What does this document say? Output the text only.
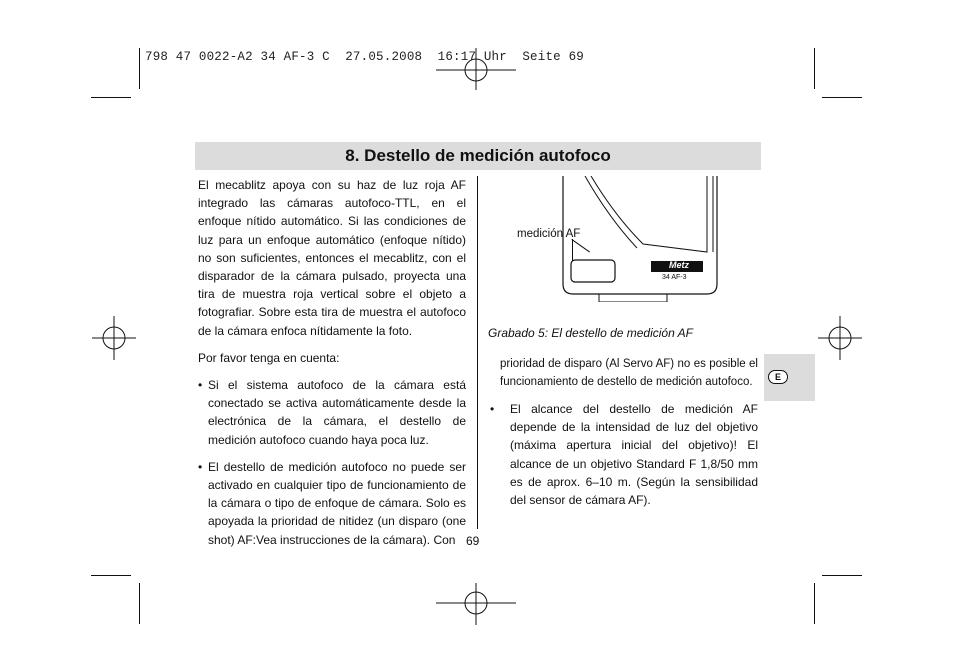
798 47 0022-A2 34 AF-3 C  27.05.2008  16:17 Uhr  Seite 69
8. Destello de medición autofoco

El mecablitz apoya con su haz de luz roja AF integrado las cámaras autofoco-TTL, en el enfoque nítido automático. Si las condiciones de luz para un enfoque automático (enfoque nítido) no son suficientes, entonces el mecablitz, con el disparador de la cámara pulsado, proyecta una tira de muestra roja vertical sobre el objeto a fotografiar. Sobre esta tira de muestra el autofoco de la cámara enfoca nítidamente la foto.

Por favor tenga en cuenta:

• Si el sistema autofoco de la cámara está conectado se activa automáticamente desde la electrónica de la cámara, el destello de medición autofoco cuando haya poca luz.

• El destello de medición autofoco no puede ser activado en cualquier tipo de funcionamiento de la cámara o tipo de enfoque de cámara. Solo es apoyada la prioridad de nitidez (un disparo (one shot) AF:Vea instrucciones de la cámara). Con

Metz
34 AF-3
medición AF
Grabado 5: El destello de medición AF

prioridad de disparo (Al Servo AF) no es posible el funcionamiento de destello de medición autofoco.

• El alcance del destello de medición AF depende de la intensidad de luz del objetivo (máxima apertura inicial del objetivo)! El alcance de un objetivo Standard F 1,8/50 mm es de aprox. 6–10 m. (Según la sensibilidad del sensor de cámara AF).

E
69
